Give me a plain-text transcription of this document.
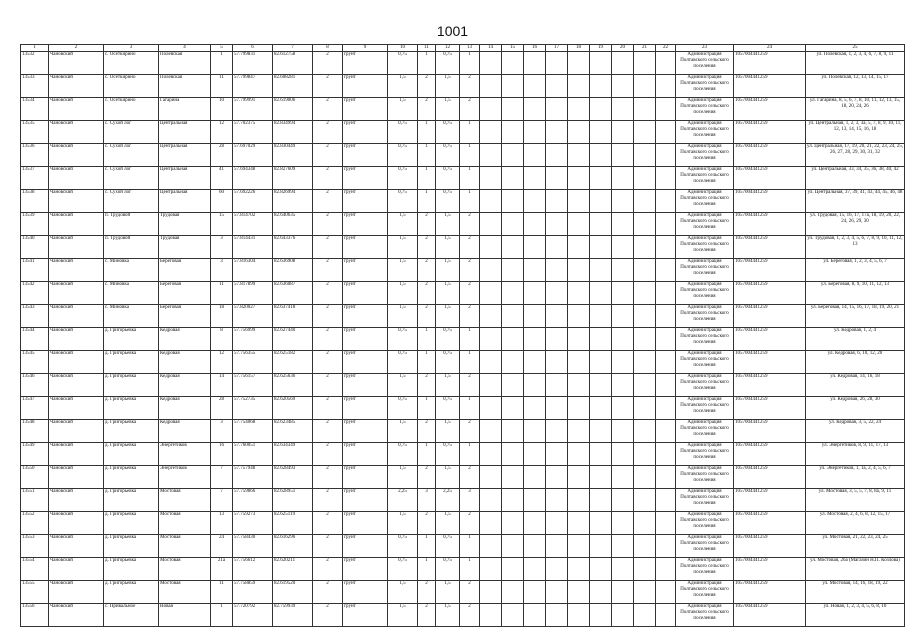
1001
1	2	3	4	5	6	7	8	9	10	11	12	13	14	15	16	17	18	19	20	21	22	23	24	25
13532	Чановский	с. Осеткирино	Полевская	1	57.799831	82.612758	2	грунт	0,75	1	0,75	1										Администрация Полтавского сельского поселения	1057004441259	ул. Полевская, 1, 2, 3, 4, 6, 7, 8, 9, 11
13533	Чановский	с. Осеткирино	Полевская	11	57.799847	82.608281	2	грунт	1,5	2	1,5	2										Администрация Полтавского сельского поселения	1057004441259	ул. Полевская, 12, 13, 14, 15, 17
13534	Чановский	с. Осеткирино	Гагарина	10	57.799991	82.619006	2	грунт	1,5	2	1,5	2										Администрация Полтавского сельского поселения	1057004441259	ул. Гагарина, 8, 5, 6, 7, 8, 10, 11, 12, 13, 15, 18, 20, 24, 26
13535	Чановский	с. Сухой лог	Центральная	12	57.702375	82.834994	2	грунт	0,75	1	0,75	1										Администрация Полтавского сельского поселения	1057004441259	ул. Центральная, 1, 2, 3, 3а, 5, 7, 8, 9, 10, 11, 12, 13, 14, 15, 16, 18
13536	Чановский	с. Сухой лог	Центральная	28	57.697029	82.830449	2	грунт	0,75	1	0,75	1										Администрация Полтавского сельского поселения	1057004441259	ул. Центральная, 17, 19, 20, 21, 22, 23, 24, 25, 26, 27, 28, 29, 30, 31, 32
13537	Чановский	с. Сухой лог	Центральная	41	57.694348	82.827609	2	грунт	0,75	1	0,75	1										Администрация Полтавского сельского поселения	1057004441259	ул. Центральная, 33, 34, 35, 36, 38, 40, 42
13538	Чановский	с. Сухой лог	Центральная	60	57.692226	82.826994	2	грунт	0,75	1	0,75	1										Администрация Полтавского сельского поселения	1057004441259	ул. Центральная, 37, 39, 41, 43, 44, 45, 46, 48
13539	Чановский	п. Трудовой	Трудовая	15	57.814702	82.640635	2	грунт	1,5	2	1,5	2										Администрация Полтавского сельского поселения	1057004441259	ул. Трудовая, 15, 16, 17, 17а, 18, 19, 20, 22, 24, 26, 29, 30
13540	Чановский	п. Трудовой	Трудовая	3	57.814431	82.643376	2	грунт	1,5	2	1,5	2										Администрация Полтавского сельского поселения	1057004441259	ул. Трудовая, 1, 2, 3, 4, 5, 6, 7, 8, 9, 10, 11, 12, 13
13541	Чановский	с. Миновка	Береговая	3	57.816304	82.636908	2	грунт	1,5	2	1,5	2										Администрация Полтавского сельского поселения	1057004441259	ул. Береговая, 1, 2, 3, 4, 5, 6, 7
13542	Чановский	с. Миновка	Береговая	11	57.817899	82.636087	2	грунт	1,5	2	1,5	2										Администрация Полтавского сельского поселения	1057004441259	ул. Береговая, 8, 9, 10, 11, 12, 13
13543	Чановский	с. Миновка	Береговая	18	57.820027	82.637418	2	грунт	1,5	2	1,5	2										Администрация Полтавского сельского поселения	1057004441259	ул. Береговая, 14, 15, 16, 17, 18, 19, 20, 21
13544	Чановский	д. Григорьевка	Кедровая	8	57.756999	82.627440	2	грунт	0,75	1	0,75	1										Администрация Полтавского сельского поселения	1057004441259	ул. Кедровая, 1, 2, 4
13545	Чановский	д. Григорьевка	Кедровая	12	57.756355	82.625182	2	грунт	0,75	1	0,75	1										Администрация Полтавского сельского поселения	1057004441259	ул. Кедровая, 6, 10, 12, 20
13546	Чановский	д. Григорьевка	Кедровая	14	57.756157	82.625636	2	грунт	1,5	2	1,5	2										Администрация Полтавского сельского поселения	1057004441259	ул. Кедровая, 14, 16, 18
13547	Чановский	д. Григорьевка	Кедровая	28	57.752735	82.620569	2	грунт	0,75	1	0,75	1										Администрация Полтавского сельского поселения	1057004441259	ул. Кедровая, 26, 28, 30
13548	Чановский	д. Григорьевка	Кедровая	3	57.754068	82.623485	2	грунт	1,5	2	1,5	2										Администрация Полтавского сельского поселения	1057004441259	ул. Кедровая, 3, 5, 22, 24
13549	Чановский	д. Григорьевка	Энергетиков	16	57.760051	82.634349	2	грунт	0,75	1	0,75	1										Администрация Полтавского сельского поселения	1057004441259	ул. Энергетиков, 8, 9, 11, 17, 13
13550	Чановский	д. Григорьевка	Энергетиков	7	57.757948	82.628493	2	грунт	1,5	2	1,5	2										Администрация Полтавского сельского поселения	1057004441259	ул. Энергетиков, 1, 1а, 2, 4, 5, 6, 7
13551	Чановский	д. Григорьевка	Мостовая	7	57.759866	82.628951	2	грунт	2,25	3	2,25	3										Администрация Полтавского сельского поселения	1057004441259	ул. Мостовая, 3, 5, 5, 7, 8, 8а, 9, 11
13552	Чановский	д. Григорьевка	Мостовая	13	57.759273	82.625119	2	грунт	1,5	2	1,5	2										Администрация Полтавского сельского поселения	1057004441259	ул. Мостовая, 2, 4, 6, 8, 12, 15, 17
13553	Чановский	д. Григорьевка	Мостовая	24	57.758430	82.616296	2	грунт	0,75	1	0,75	1										Администрация Полтавского сельского поселения	1057004441259	ул. Мостовая, 21, 22, 23, 24, 25
13554	Чановский	д. Григорьевка	Мостовая	21а	57.756612	82.620211	2	грунт	0,75	1	0,75	1										Администрация Полтавского сельского поселения	1057004441259	ул. Мостовая, 26а (Магазин Н.П. Козлова)
13555	Чановский	д. Григорьевка	Мостовая	11	57.758859	82.619520	2	грунт	1,5	2	1,5	2										Администрация Полтавского сельского поселения	1057004441259	ул. Мостовая, 14, 16, 18, 19, 22
13556	Чановский	с. Привальное	Новая	1	57.720792	82.759939	2	грунт	1,5	2	1,5	2										Администрация Полтавского сельского поселения	1057004441259	ул. Новая, 1, 2, 3, 4, 5, 6, 8, 10
